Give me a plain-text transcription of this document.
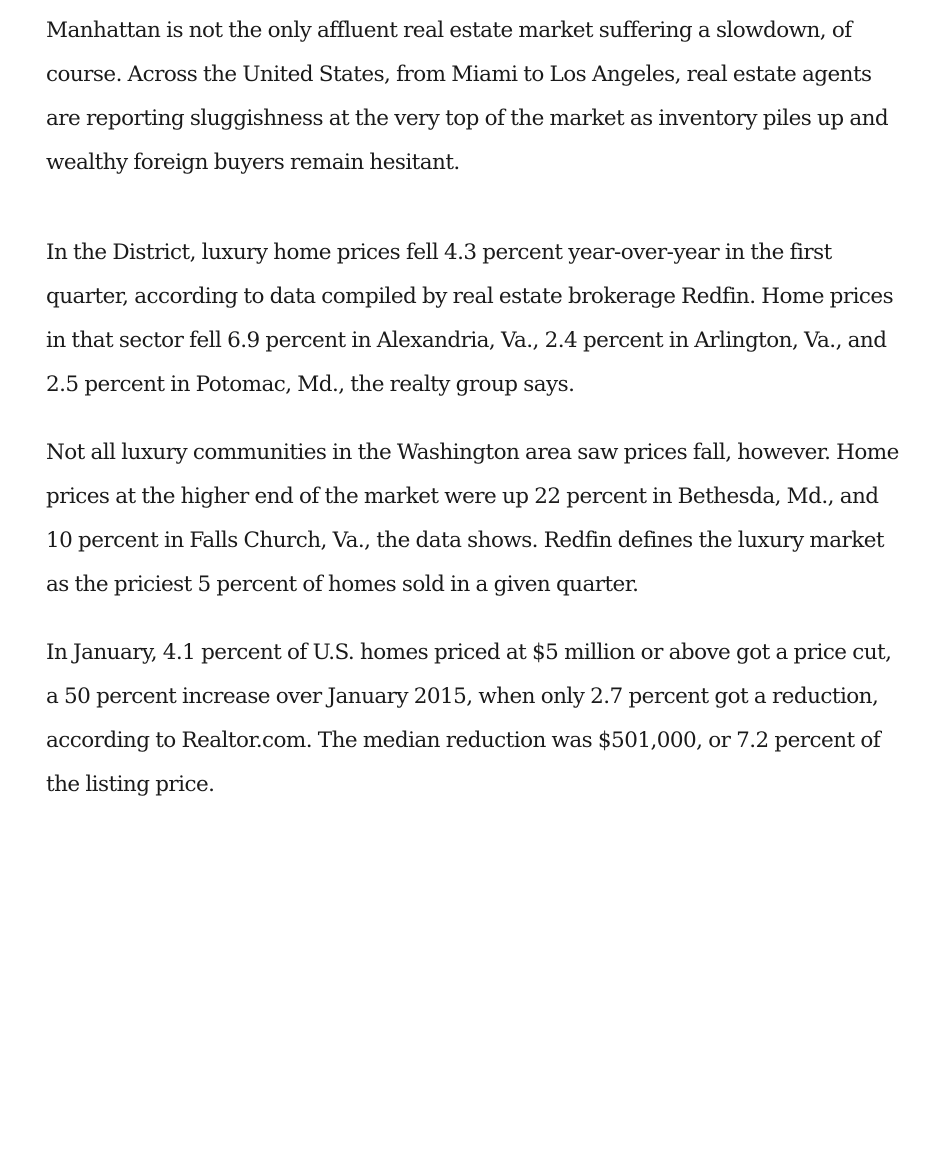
Manhattan is not the only affluent real estate market suffering a slowdown, of course. Across the United States, from Miami to Los Angeles, real estate agents are reporting sluggishness at the very top of the market as inventory piles up and wealthy foreign buyers remain hesitant.

In the District, luxury home prices fell 4.3 percent year-over-year in the first quarter, according to data compiled by real estate brokerage Redfin. Home prices in that sector fell 6.9 percent in Alexandria, Va., 2.4 percent in Arlington, Va., and 2.5 percent in Potomac, Md., the realty group says.

Not all luxury communities in the Washington area saw prices fall, however. Home prices at the higher end of the market were up 22 percent in Bethesda, Md., and 10 percent in Falls Church, Va., the data shows. Redfin defines the luxury market as the priciest 5 percent of homes sold in a given quarter.

In January, 4.1 percent of U.S. homes priced at $5 million or above got a price cut, a 50 percent increase over January 2015, when only 2.7 percent got a reduction, according to Realtor.com. The median reduction was $501,000, or 7.2 percent of the listing price.
